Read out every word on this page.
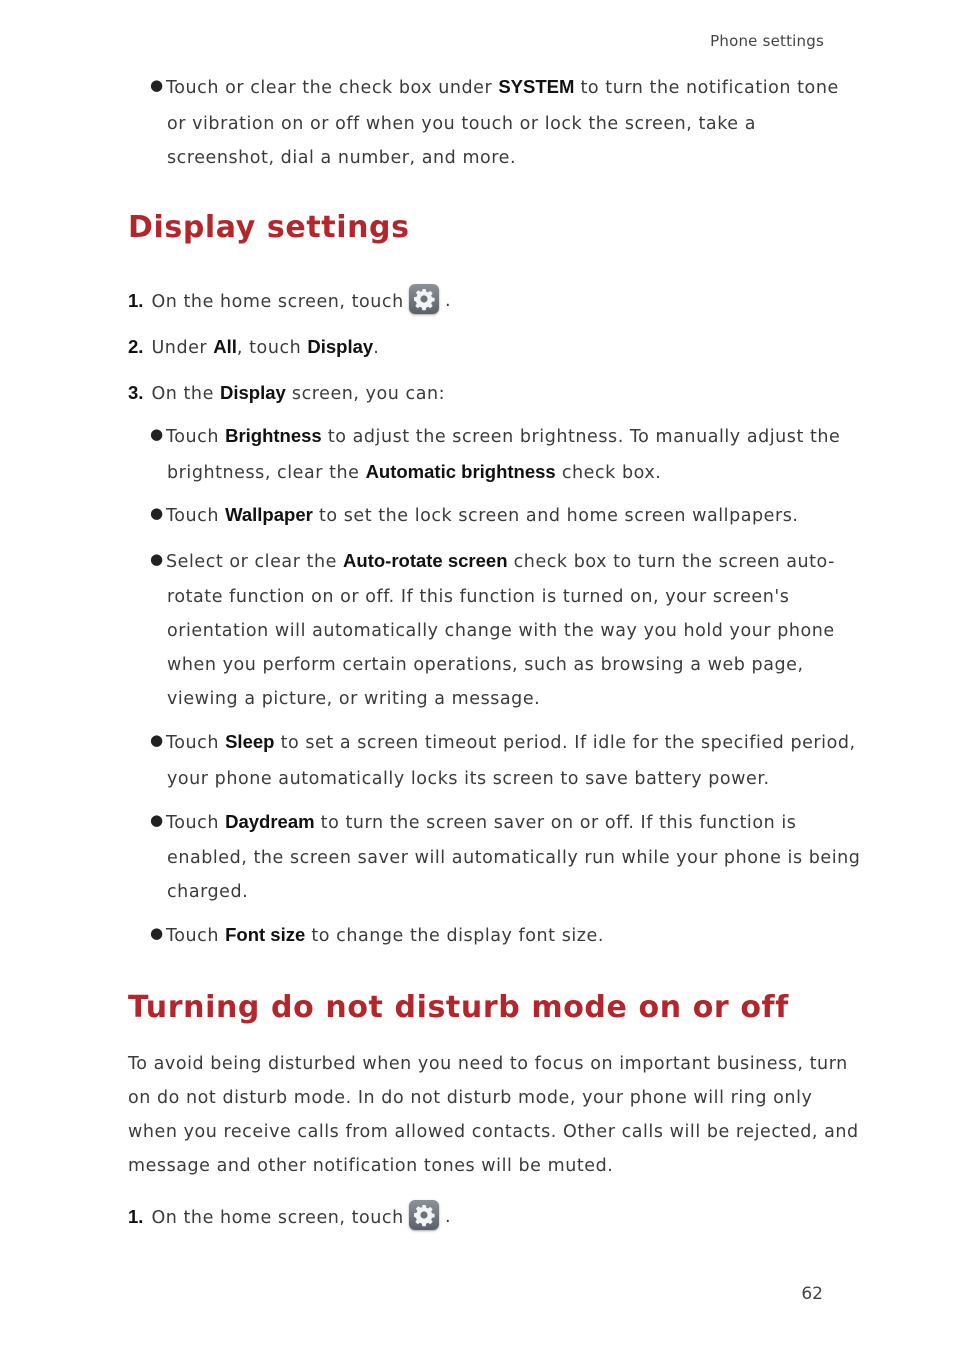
Phone settings
● Touch or clear the check box under SYSTEM to turn the notification tone
or vibration on or off when you touch or lock the screen, take a
screenshot, dial a number, and more.
Display settings
1. On the home screen, touch .
2. Under All, touch Display.
3. On the Display screen, you can:
● Touch Brightness to adjust the screen brightness. To manually adjust the
brightness, clear the Automatic brightness check box.
● Touch Wallpaper to set the lock screen and home screen wallpapers.
● Select or clear the Auto-rotate screen check box to turn the screen auto-
rotate function on or off. If this function is turned on, your screen's
orientation will automatically change with the way you hold your phone
when you perform certain operations, such as browsing a web page,
viewing a picture, or writing a message.
● Touch Sleep to set a screen timeout period. If idle for the specified period,
your phone automatically locks its screen to save battery power.
● Touch Daydream to turn the screen saver on or off. If this function is
enabled, the screen saver will automatically run while your phone is being
charged.
● Touch Font size to change the display font size.
Turning do not disturb mode on or off
To avoid being disturbed when you need to focus on important business, turn
on do not disturb mode. In do not disturb mode, your phone will ring only
when you receive calls from allowed contacts. Other calls will be rejected, and
message and other notification tones will be muted.
1. On the home screen, touch .
62
